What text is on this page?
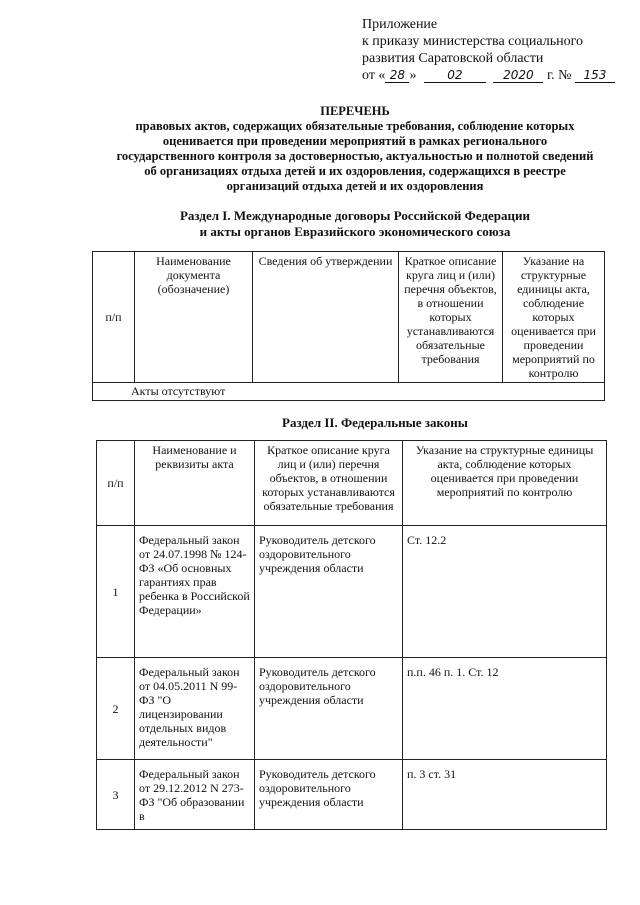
Приложение
к приказу министерства социального
развития Саратовской области
от « 28 »	02	2020 г. № 153
ПЕРЕЧЕНЬ
правовых актов, содержащих обязательные требования, соблюдение которых
оценивается при проведении мероприятий в рамках регионального
государственного контроля за достоверностью, актуальностью и полнотой сведений
об организациях отдыха детей и их оздоровления, содержащихся в реестре
организаций отдыха детей и их оздоровления
Раздел I. Международные договоры Российской Федерации
и акты органов Евразийского экономического союза
п/п	Наименование документа (обозначение)	Сведения об утверждении	Краткое описание круга лиц и (или) перечня объектов, в отношении которых устанавливаются обязательные требования	Указание на структурные единицы акта, соблюдение которых оценивается при проведении мероприятий по контролю
Акты отсутствуют
Раздел II. Федеральные законы
п/п	Наименование и реквизиты акта	Краткое описание круга лиц и (или) перечня объектов, в отношении которых устанавливаются обязательные требования	Указание на структурные единицы акта, соблюдение которых оценивается при проведении мероприятий по контролю
1	Федеральный закон от 24.07.1998 № 124-ФЗ «Об основных гарантиях прав ребенка в Российской Федерации»	Руководитель детского оздоровительного учреждения области	Ст. 12.2
2	Федеральный закон от 04.05.2011 N 99-ФЗ "О лицензировании отдельных видов деятельности"	Руководитель детского оздоровительного учреждения области	п.п. 46 п. 1. Ст. 12
3	Федеральный закон от 29.12.2012 N 273-ФЗ "Об образовании в	Руководитель детского оздоровительного учреждения области	п. 3 ст. 31
